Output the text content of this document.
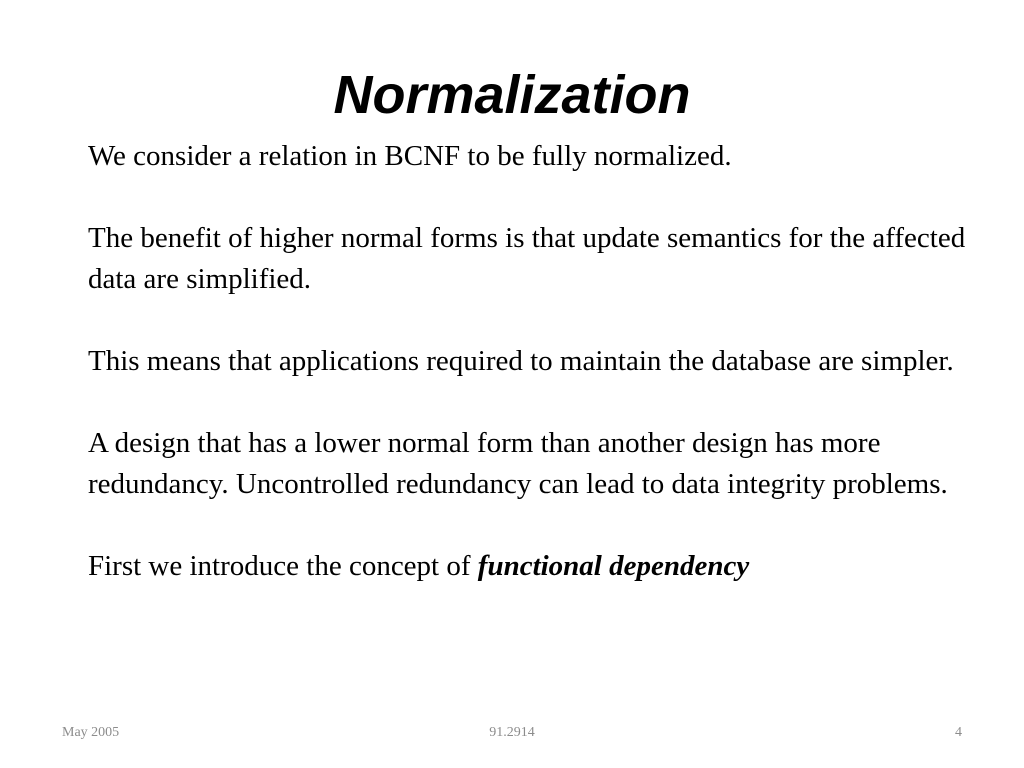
Normalization

We consider a relation in BCNF to be fully normalized.

The benefit of higher normal forms is that update semantics for the affected data are simplified.

This means that applications required to maintain the database are simpler.

A design that has a lower normal form than another design has more redundancy. Uncontrolled redundancy can lead to data integrity problems.

First we introduce the concept of functional dependency

May 2005	91.2914	4
